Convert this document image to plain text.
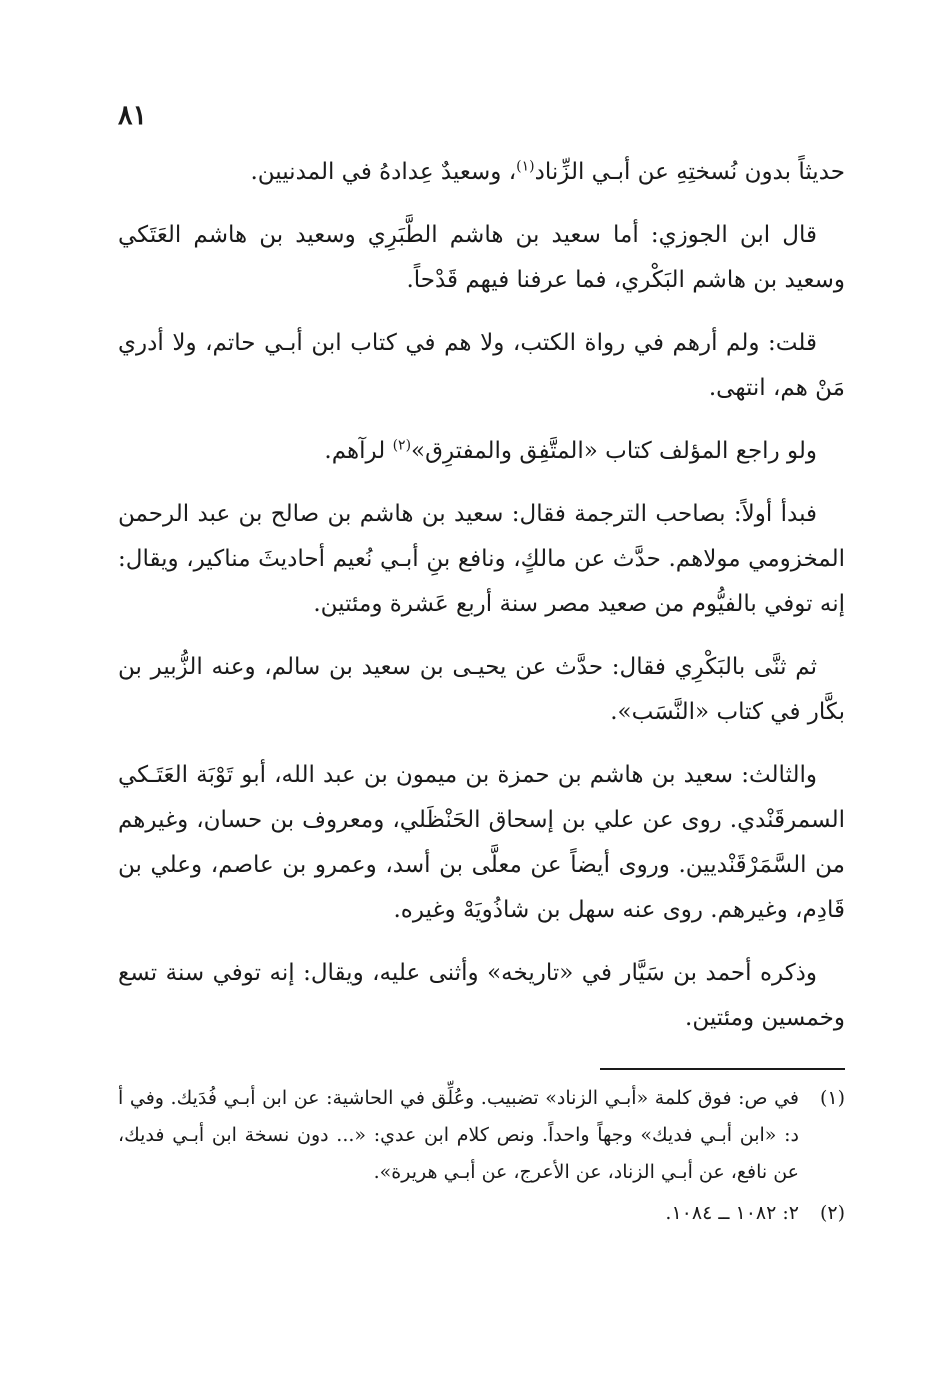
٨١

حديثاً بدون نُسختِهِ عن أبـي الزِّناد$^{(١)}$، وسعيدٌ عِدادهُ في المدنيين.

قال ابن الجوزي: أما سعيد بن هاشم الطَّبَرِي وسعيد بن هاشم العَتَكي وسعيد بن هاشم البَكْري، فما عرفنا فيهم قَدْحاً.

قلت: ولم أرهم في رواة الكتب، ولا هم في كتاب ابن أبـي حاتم، ولا أدري مَنْ هم، انتهى.

ولو راجع المؤلف كتاب «المتَّفِق والمفترِق»$^{(٢)}$ لرآهم.

فبدأ أولاً: بصاحب الترجمة فقال: سعيد بن هاشم بن صالح بن عبد الرحمن المخزومي مولاهم. حدَّث عن مالكٍ، ونافع بنِ أبـي نُعيم أحاديثَ مناكير، ويقال: إنه توفي بالفيُّوم من صعيد مصر سنة أربع عَشرة ومئتين.

ثم ثنَّى بالبَكْرِي فقال: حدَّث عن يحيـى بن سعيد بن سالم، وعنه الزُّبير بن بكَّار في كتاب «النَّسَب».

والثالث: سعيد بن هاشم بن حمزة بن ميمون بن عبد الله، أبو تَوْبَة العَتَـكي السمرقَنْدي. روى عن علي بن إسحاق الحَنْظَلي، ومعروف بن حسان، وغيرهم من السَّمَرْقَنْديين. وروى أيضاً عن معلَّى بن أسد، وعمرو بن عاصم، وعلي بن قَادِم، وغيرهم. روى عنه سهل بن شاذُويَهْ وغيره.

وذكره أحمد بن سَيَّار في «تاريخه» وأثنى عليه، ويقال: إنه توفي سنة تسع وخمسين ومئتين.

(١)
في ص: فوق كلمة «أبـي الزناد» تضبيب. وعُلِّق في الحاشية: عن ابن أبـي فُدَيك. وفي أ د: «ابن أبـي فديك» وجهاً واحداً. ونص كلام ابن عدي: «... دون نسخة ابن أبـي فديك، عن نافع، عن أبـي الزناد، عن الأعرج، عن أبـي هريرة».
(٢)
٢: ١٠٨٢ ــ ١٠٨٤.
